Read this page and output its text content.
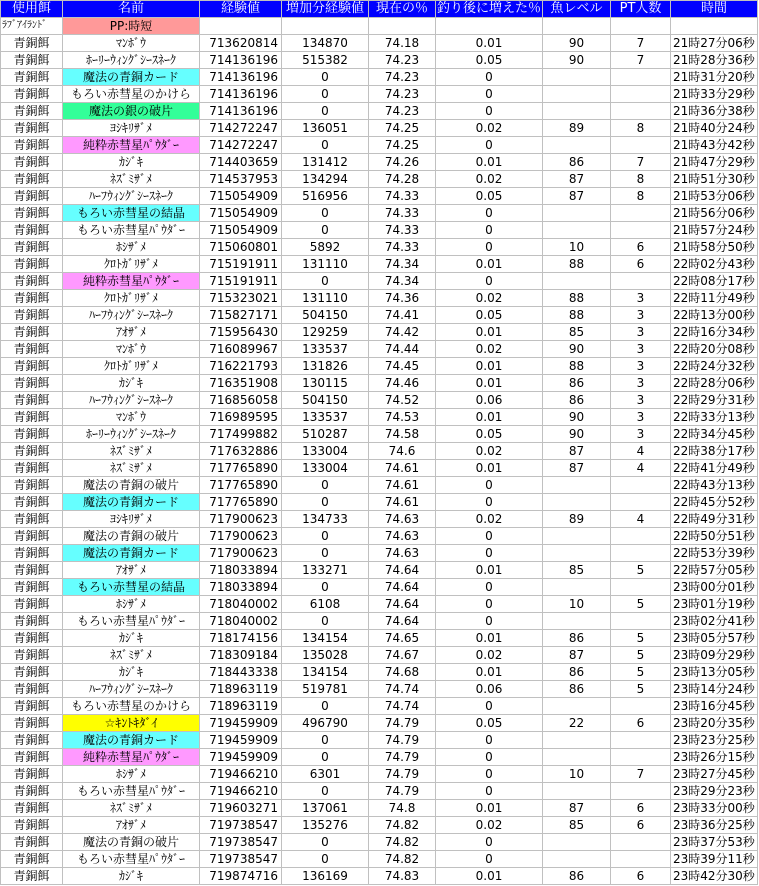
使用餌	名前	経験値	増加分経験値	現在の％	釣り後に増えた％	魚レベル	PT人数	時間
ﾗﾌﾞｱｲﾗﾝﾄﾞ	PP:時短							
青銅餌	ﾏﾝﾎﾞｳ	713620814	134870	74.18	0.01	90	7	21時27分06秒
青銅餌	ﾎｰﾘｰｳｨﾝｸﾞｼｰｽﾈｰｸ	714136196	515382	74.23	0.05	90	7	21時28分36秒
青銅餌	魔法の青銅カード	714136196	0	74.23	0			21時31分20秒
青銅餌	もろい赤彗星のかけら	714136196	0	74.23	0			21時33分29秒
青銅餌	魔法の銀の破片	714136196	0	74.23	0			21時36分38秒
青銅餌	ﾖｼｷﾘｻﾞﾒ	714272247	136051	74.25	0.02	89	8	21時40分24秒
青銅餌	純粋赤彗星ﾊﾟｳﾀﾞｰ	714272247	0	74.25	0			21時43分42秒
青銅餌	ｶｼﾞｷ	714403659	131412	74.26	0.01	86	7	21時47分29秒
青銅餌	ﾈｽﾞﾐｻﾞﾒ	714537953	134294	74.28	0.02	87	8	21時51分30秒
青銅餌	ﾊｰﾌｳｨﾝｸﾞｼｰｽﾈｰｸ	715054909	516956	74.33	0.05	87	8	21時53分06秒
青銅餌	もろい赤彗星の結晶	715054909	0	74.33	0			21時56分06秒
青銅餌	もろい赤彗星ﾊﾟｳﾀﾞｰ	715054909	0	74.33	0			21時57分24秒
青銅餌	ﾎｼｻﾞﾒ	715060801	5892	74.33	0	10	6	21時58分50秒
青銅餌	ｸﾛﾄｶﾞﾘｻﾞﾒ	715191911	131110	74.34	0.01	88	6	22時02分43秒
青銅餌	純粋赤彗星ﾊﾟｳﾀﾞｰ	715191911	0	74.34	0			22時08分17秒
青銅餌	ｸﾛﾄｶﾞﾘｻﾞﾒ	715323021	131110	74.36	0.02	88	3	22時11分49秒
青銅餌	ﾊｰﾌｳｨﾝｸﾞｼｰｽﾈｰｸ	715827171	504150	74.41	0.05	88	3	22時13分00秒
青銅餌	ｱｵｻﾞﾒ	715956430	129259	74.42	0.01	85	3	22時16分34秒
青銅餌	ﾏﾝﾎﾞｳ	716089967	133537	74.44	0.02	90	3	22時20分08秒
青銅餌	ｸﾛﾄｶﾞﾘｻﾞﾒ	716221793	131826	74.45	0.01	88	3	22時24分32秒
青銅餌	ｶｼﾞｷ	716351908	130115	74.46	0.01	86	3	22時28分06秒
青銅餌	ﾊｰﾌｳｨﾝｸﾞｼｰｽﾈｰｸ	716856058	504150	74.52	0.06	86	3	22時29分31秒
青銅餌	ﾏﾝﾎﾞｳ	716989595	133537	74.53	0.01	90	3	22時33分13秒
青銅餌	ﾎｰﾘｰｳｨﾝｸﾞｼｰｽﾈｰｸ	717499882	510287	74.58	0.05	90	3	22時34分45秒
青銅餌	ﾈｽﾞﾐｻﾞﾒ	717632886	133004	74.6	0.02	87	4	22時38分17秒
青銅餌	ﾈｽﾞﾐｻﾞﾒ	717765890	133004	74.61	0.01	87	4	22時41分49秒
青銅餌	魔法の青銅の破片	717765890	0	74.61	0			22時43分13秒
青銅餌	魔法の青銅カード	717765890	0	74.61	0			22時45分52秒
青銅餌	ﾖｼｷﾘｻﾞﾒ	717900623	134733	74.63	0.02	89	4	22時49分31秒
青銅餌	魔法の青銅の破片	717900623	0	74.63	0			22時50分51秒
青銅餌	魔法の青銅カード	717900623	0	74.63	0			22時53分39秒
青銅餌	ｱｵｻﾞﾒ	718033894	133271	74.64	0.01	85	5	22時57分05秒
青銅餌	もろい赤彗星の結晶	718033894	0	74.64	0			23時00分01秒
青銅餌	ﾎｼｻﾞﾒ	718040002	6108	74.64	0	10	5	23時01分19秒
青銅餌	もろい赤彗星ﾊﾟｳﾀﾞｰ	718040002	0	74.64	0			23時02分41秒
青銅餌	ｶｼﾞｷ	718174156	134154	74.65	0.01	86	5	23時05分57秒
青銅餌	ﾈｽﾞﾐｻﾞﾒ	718309184	135028	74.67	0.02	87	5	23時09分29秒
青銅餌	ｶｼﾞｷ	718443338	134154	74.68	0.01	86	5	23時13分05秒
青銅餌	ﾊｰﾌｳｨﾝｸﾞｼｰｽﾈｰｸ	718963119	519781	74.74	0.06	86	5	23時14分24秒
青銅餌	もろい赤彗星のかけら	718963119	0	74.74	0			23時16分45秒
青銅餌	☆ｷﾝﾄｷﾀﾞｲ	719459909	496790	74.79	0.05	22	6	23時20分35秒
青銅餌	魔法の青銅カード	719459909	0	74.79	0			23時23分25秒
青銅餌	純粋赤彗星ﾊﾟｳﾀﾞｰ	719459909	0	74.79	0			23時26分15秒
青銅餌	ﾎｼｻﾞﾒ	719466210	6301	74.79	0	10	7	23時27分45秒
青銅餌	もろい赤彗星ﾊﾟｳﾀﾞｰ	719466210	0	74.79	0			23時29分23秒
青銅餌	ﾈｽﾞﾐｻﾞﾒ	719603271	137061	74.8	0.01	87	6	23時33分00秒
青銅餌	ｱｵｻﾞﾒ	719738547	135276	74.82	0.02	85	6	23時36分25秒
青銅餌	魔法の青銅の破片	719738547	0	74.82	0			23時37分53秒
青銅餌	もろい赤彗星ﾊﾟｳﾀﾞｰ	719738547	0	74.82	0			23時39分11秒
青銅餌	ｶｼﾞｷ	719874716	136169	74.83	0.01	86	6	23時42分30秒
